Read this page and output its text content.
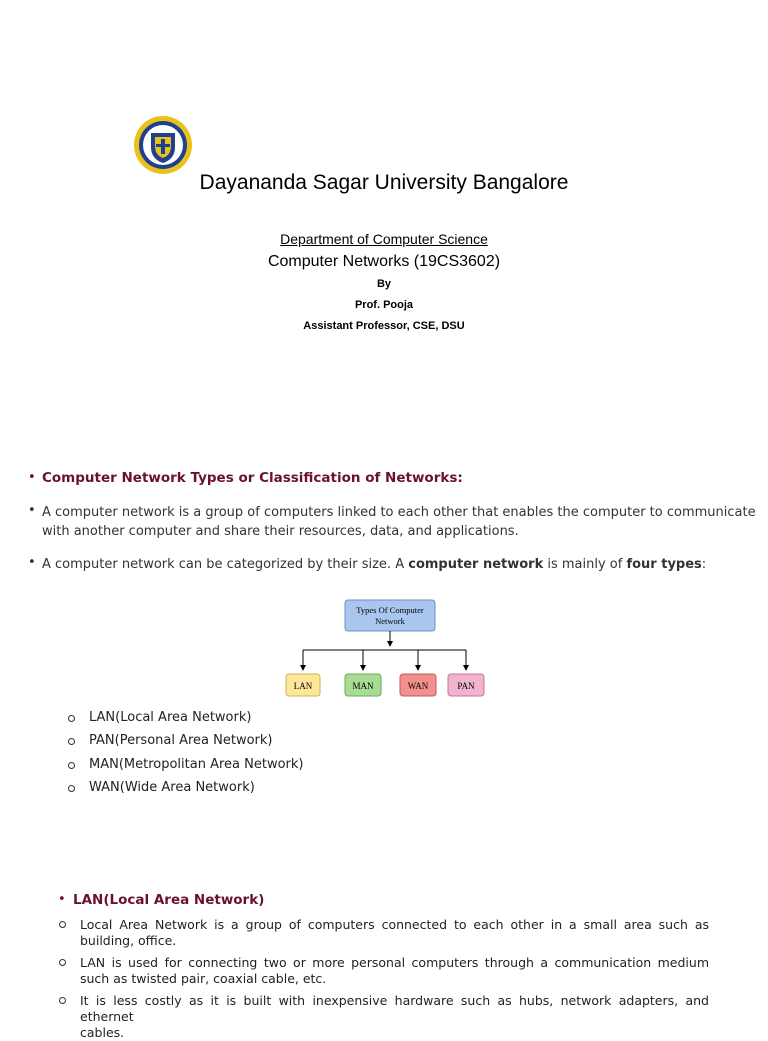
Dayananda Sagar University Bangalore
Department of Computer Science
Computer Networks (19CS3602)
By
Prof. Pooja
Assistant Professor, CSE, DSU
• Computer Network Types or Classification of Networks:
• A computer network is a group of computers linked to each other that enables the computer to communicate
with another computer and share their resources, data, and applications.
• A computer network can be categorized by their size. A computer network is mainly of four types:
Types Of Computer
Network
LAN	MAN	WAN	PAN
LAN(Local Area Network)
PAN(Personal Area Network)
MAN(Metropolitan Area Network)
WAN(Wide Area Network)
• LAN(Local Area Network)
Local Area Network is a group of computers connected to each other in a small area such as
building, office.
LAN is used for connecting two or more personal computers through a communication medium
such as twisted pair, coaxial cable, etc.
It is less costly as it is built with inexpensive hardware such as hubs, network adapters, and ethernet
cables.
